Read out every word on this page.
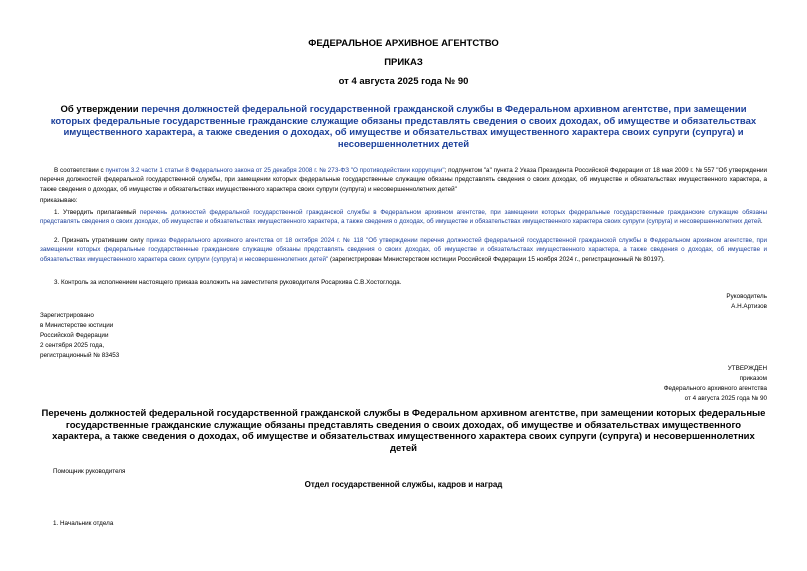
ФЕДЕРАЛЬНОЕ АРХИВНОЕ АГЕНТСТВО
ПРИКАЗ
от 4 августа 2025 года № 90
Об утверждении перечня должностей федеральной государственной гражданской службы в Федеральном архивном агентстве, при замещении которых федеральные государственные гражданские служащие обязаны представлять сведения о своих доходах, об имуществе и обязательствах имущественного характера, а также сведения о доходах, об имуществе и обязательствах имущественного характера своих супруги (супруга) и несовершеннолетних детей
В соответствии с пунктом 3.2 части 1 статьи 8 Федерального закона от 25 декабря 2008 г. № 273-ФЗ "О противодействии коррупции"; подпунктом "а" пункта 2 Указа Президента Российской Федерации от 18 мая 2009 г. № 557 "Об утверждении перечня должностей федеральной государственной службы, при замещении которых федеральные государственные служащие обязаны представлять сведения о своих доходах, об имуществе и обязательствах имущественного характера, а также сведения о доходах, об имуществе и обязательствах имущественного характера своих супруги (супруга) и несовершеннолетних детей"
приказываю:
1. Утвердить прилагаемый перечень должностей федеральной государственной гражданской службы в Федеральном архивном агентстве, при замещении которых федеральные государственные гражданские служащие обязаны представлять сведения о своих доходах, об имуществе и обязательствах имущественного характера, а также сведения о доходах, об имуществе и обязательствах имущественного характера своих супруги (супруга) и несовершеннолетних детей.
2. Признать утратившим силу приказ Федерального архивного агентства от 18 октября 2024 г. № 118 "Об утверждении перечня должностей федеральной государственной гражданской службы в Федеральном архивном агентстве, при замещении которых федеральные государственные гражданские служащие обязаны представлять сведения о своих доходах, об имуществе и обязательствах имущественного характера, а также сведения о доходах, об имуществе и обязательствах имущественного характера своих супруги (супруга) и несовершеннолетних детей" (зарегистрирован Министерством юстиции Российской Федерации 15 ноября 2024 г., регистрационный № 80197).
3. Контроль за исполнением настоящего приказа возложить на заместителя руководителя Росархива С.В.Хостоглода.
Руководитель
А.Н.Артизов
Зарегистрировано
в Министерстве юстиции
Российской Федерации
2 сентября 2025 года,
регистрационный № 83453
УТВЕРЖДЕН
приказом
Федерального архивного агентства
от 4 августа 2025 года № 90
Перечень должностей федеральной государственной гражданской службы в Федеральном архивном агентстве, при замещении которых федеральные государственные гражданские служащие обязаны представлять сведения о своих доходах, об имуществе и обязательствах имущественного характера, а также сведения о доходах, об имуществе и обязательствах имущественного характера своих супруги (супруга) и несовершеннолетних детей
Помощник руководителя
Отдел государственной службы, кадров и наград
1. Начальник отдела
